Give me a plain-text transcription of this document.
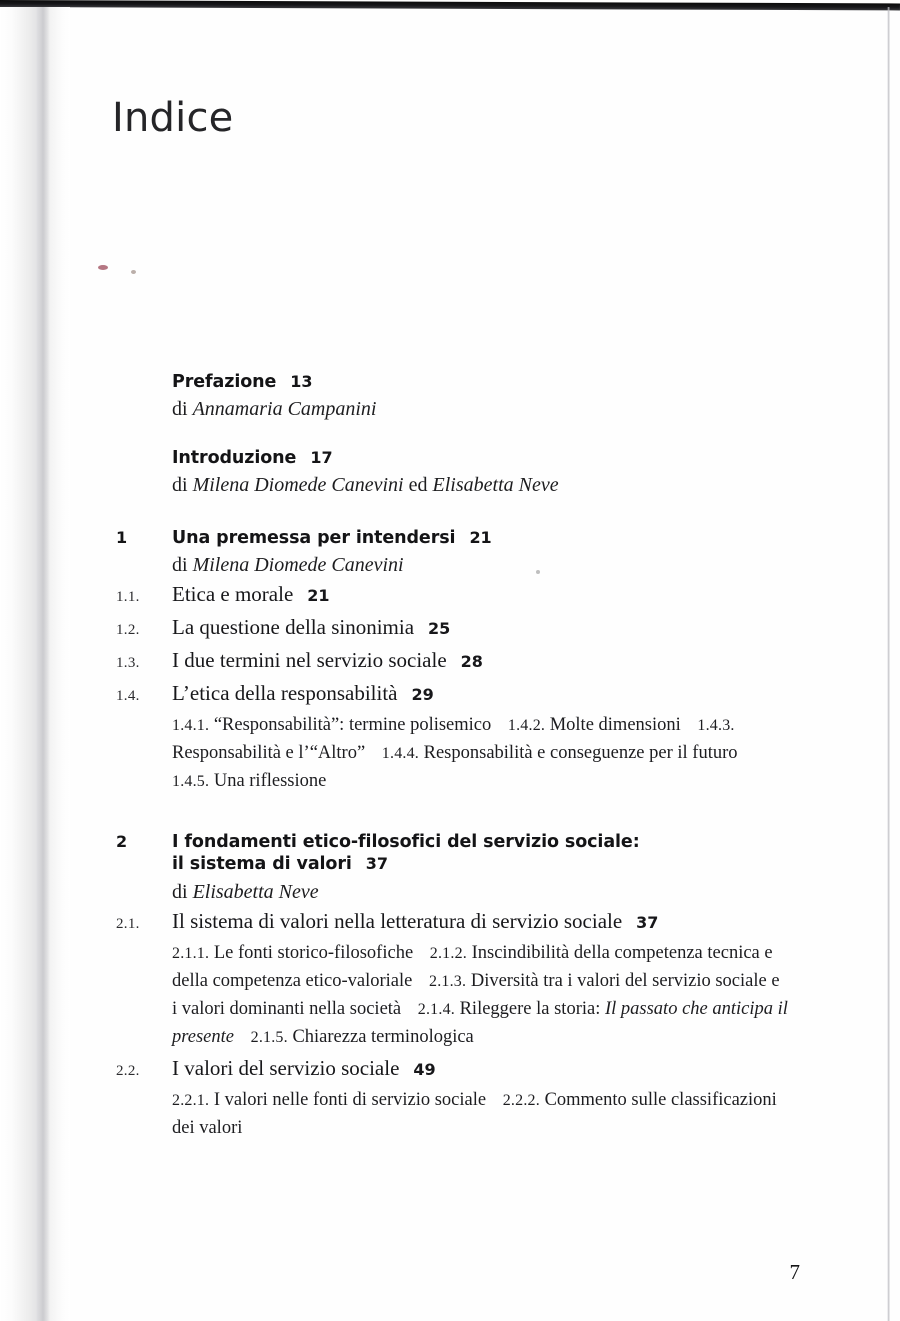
Indice
Prefazione 13
di Annamaria Campanini
Introduzione 17
di Milena Diomede Canevini ed Elisabetta Neve
1	Una premessa per intendersi 21
di Milena Diomede Canevini
1.1.	Etica e morale 21
1.2.	La questione della sinonimia 25
1.3.	I due termini nel servizio sociale 28
1.4.	L’etica della responsabilità 29
1.4.1. “Responsabilità”: termine polisemico 1.4.2. Molte dimensioni 1.4.3. Responsabilità e l’“Altro” 1.4.4. Responsabilità e conseguenze per il futuro 1.4.5. Una riflessione
2	I fondamenti etico-filosofici del servizio sociale:
il sistema di valori 37
di Elisabetta Neve
2.1.	Il sistema di valori nella letteratura di servizio sociale 37
2.1.1. Le fonti storico-filosofiche 2.1.2. Inscindibilità della competenza tecnica e della competenza etico-valoriale 2.1.3. Diversità tra i valori del servizio sociale e i valori dominanti nella società 2.1.4. Rileggere la storia: Il passato che anticipa il presente 2.1.5. Chiarezza terminologica
2.2.	I valori del servizio sociale 49
2.2.1. I valori nelle fonti di servizio sociale 2.2.2. Commento sulle classificazioni dei valori
7
